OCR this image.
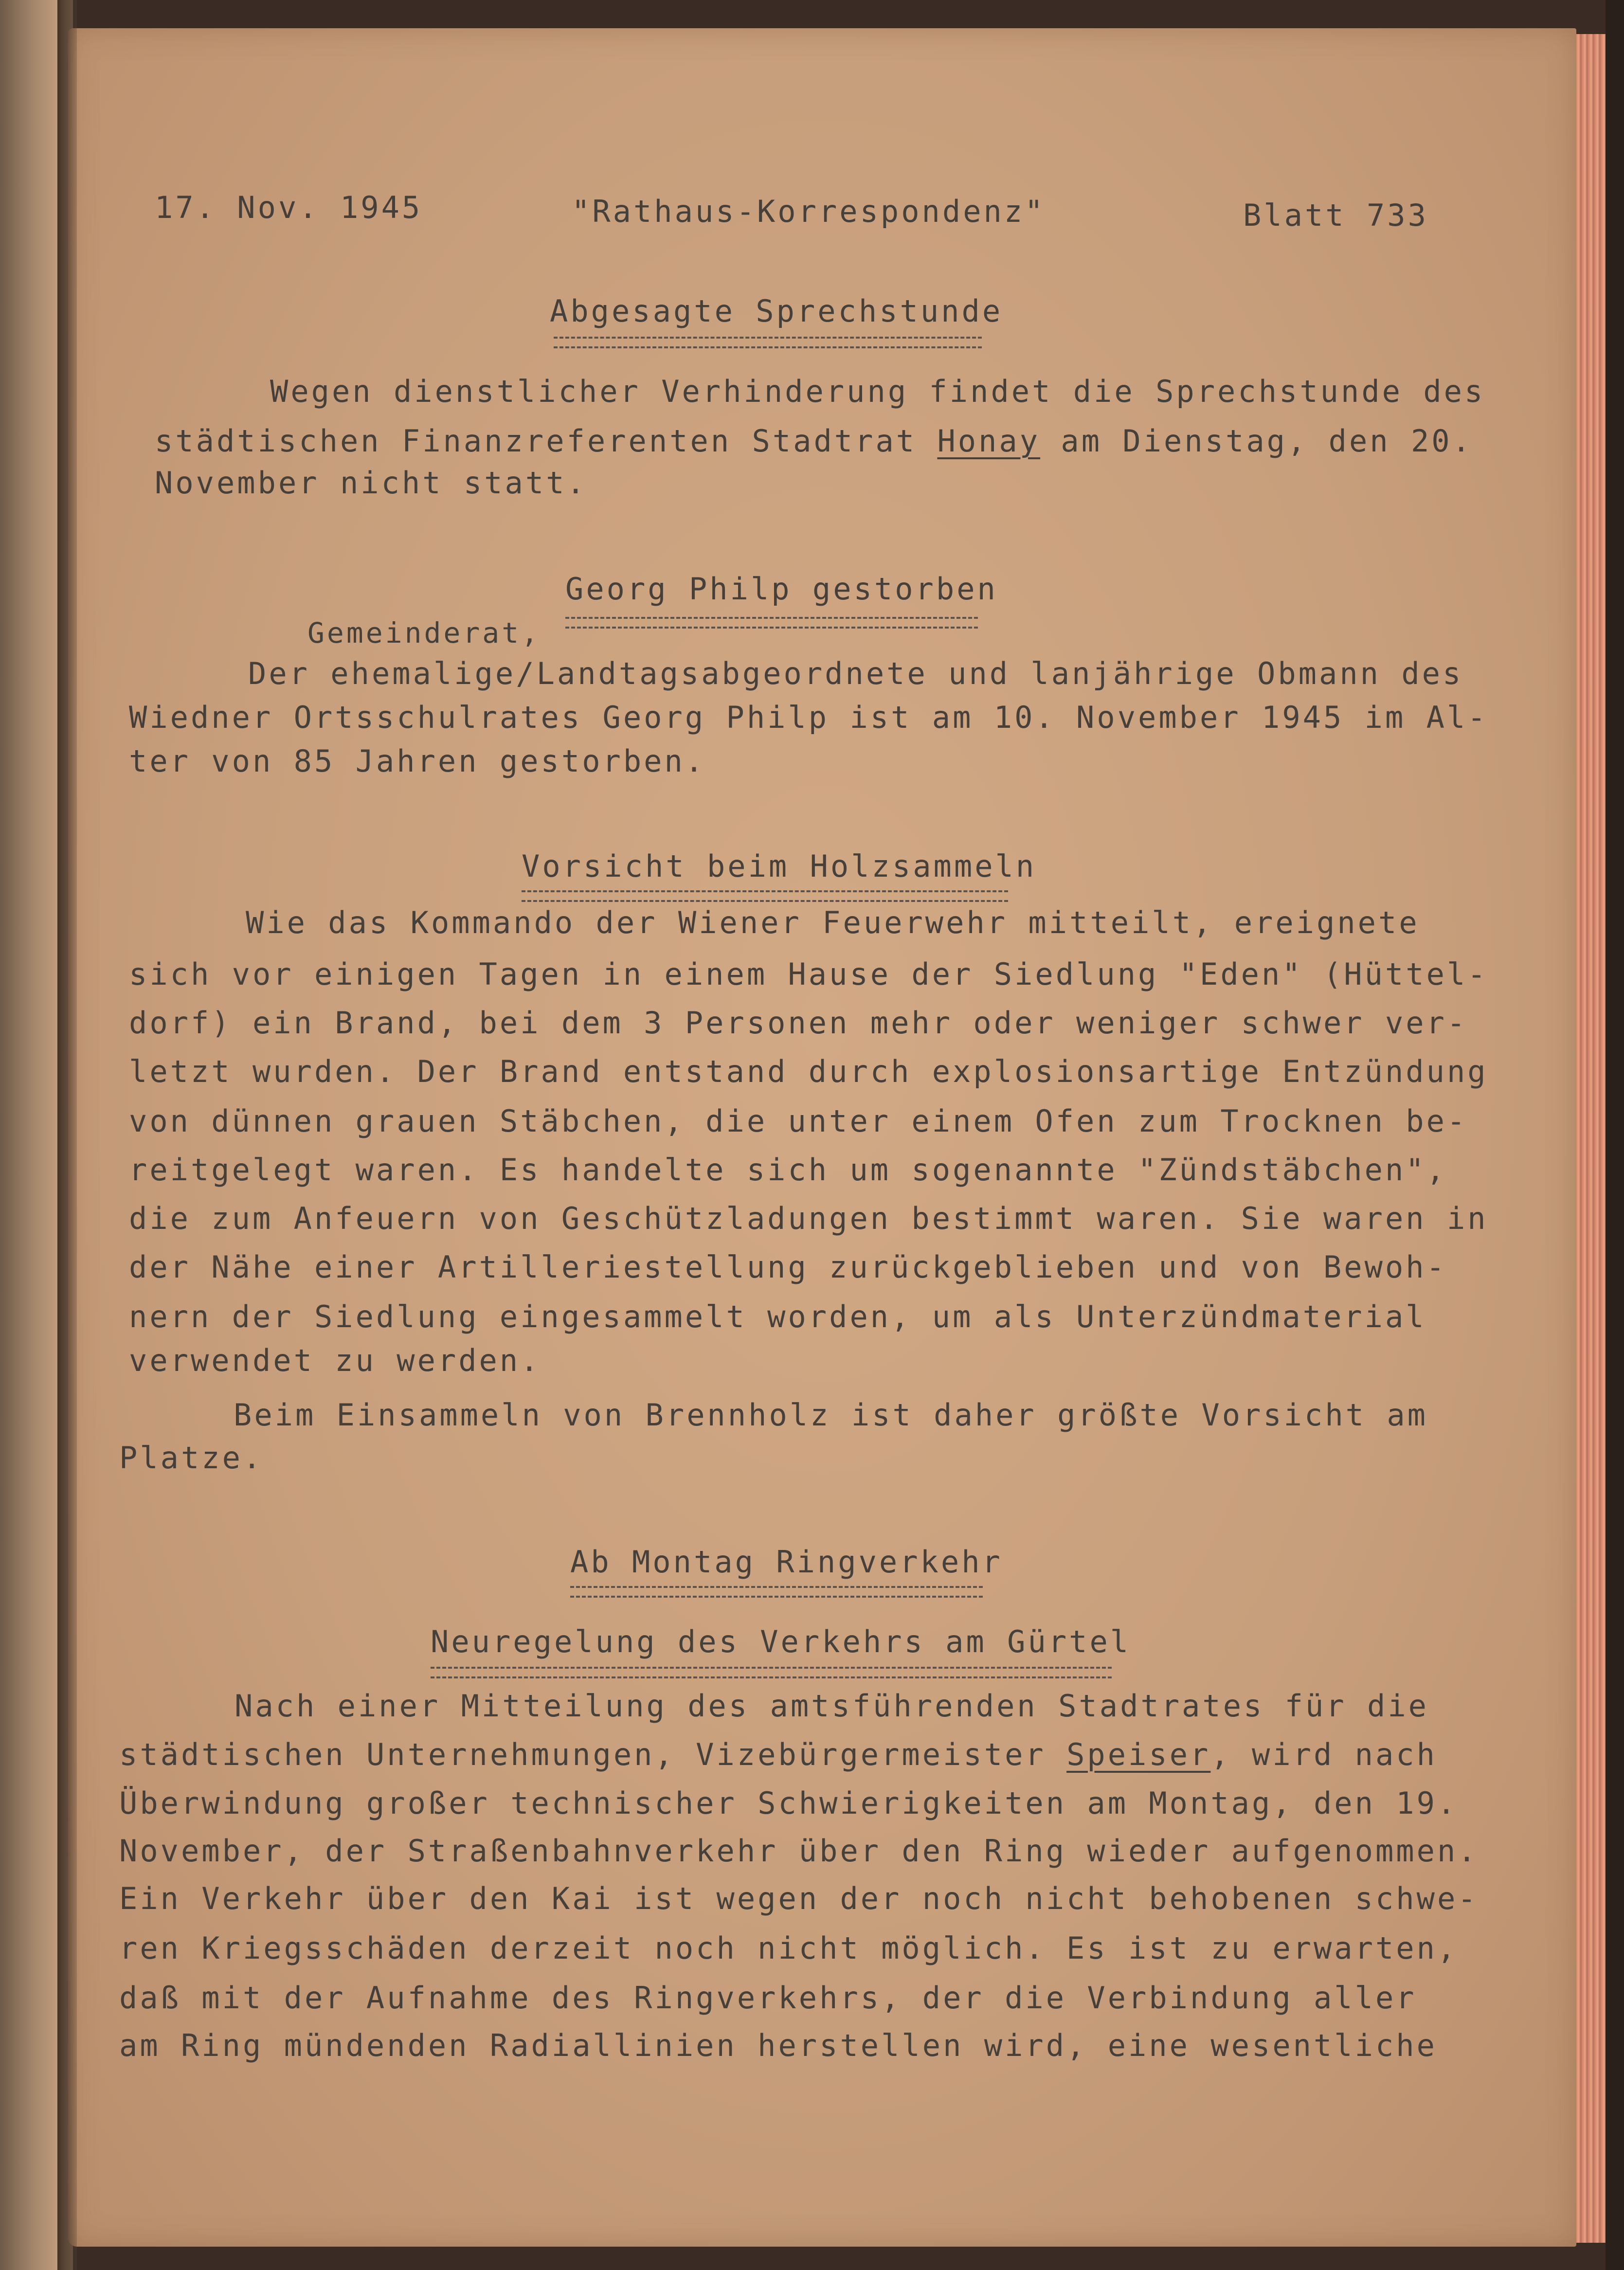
17. Nov. 1945	"Rathaus-Korrespondenz"	Blatt 733
Abgesagte Sprechstunde
Wegen dienstlicher Verhinderung findet die Sprechstunde des
städtischen Finanzreferenten Stadtrat Honay am Dienstag, den 20.
November nicht statt.
Georg Philp gestorben
Gemeinderat,
Der ehemalige/Landtagsabgeordnete und lanjährige Obmann des
Wiedner Ortsschulrates Georg Philp ist am 10. November 1945 im Al-
ter von 85 Jahren gestorben.
Vorsicht beim Holzsammeln
Wie das Kommando der Wiener Feuerwehr mitteilt, ereignete
sich vor einigen Tagen in einem Hause der Siedlung "Eden" (Hüttel-
dorf) ein Brand, bei dem 3 Personen mehr oder weniger schwer ver-
letzt wurden. Der Brand entstand durch explosionsartige Entzündung
von dünnen grauen Stäbchen, die unter einem Ofen zum Trocknen be-
reitgelegt waren. Es handelte sich um sogenannte "Zündstäbchen",
die zum Anfeuern von Geschützladungen bestimmt waren. Sie waren in
der Nähe einer Artilleriestellung zurückgeblieben und von Bewoh-
nern der Siedlung eingesammelt worden, um als Unterzündmaterial
verwendet zu werden.
Beim Einsammeln von Brennholz ist daher größte Vorsicht am
Platze.
Ab Montag Ringverkehr
Neuregelung des Verkehrs am Gürtel
Nach einer Mitteilung des amtsführenden Stadtrates für die
städtischen Unternehmungen, Vizebürgermeister Speiser, wird nach
Überwindung großer technischer Schwierigkeiten am Montag, den 19.
November, der Straßenbahnverkehr über den Ring wieder aufgenommen.
Ein Verkehr über den Kai ist wegen der noch nicht behobenen schwe-
ren Kriegsschäden derzeit noch nicht möglich. Es ist zu erwarten,
daß mit der Aufnahme des Ringverkehrs, der die Verbindung aller
am Ring mündenden Radiallinien herstellen wird, eine wesentliche
